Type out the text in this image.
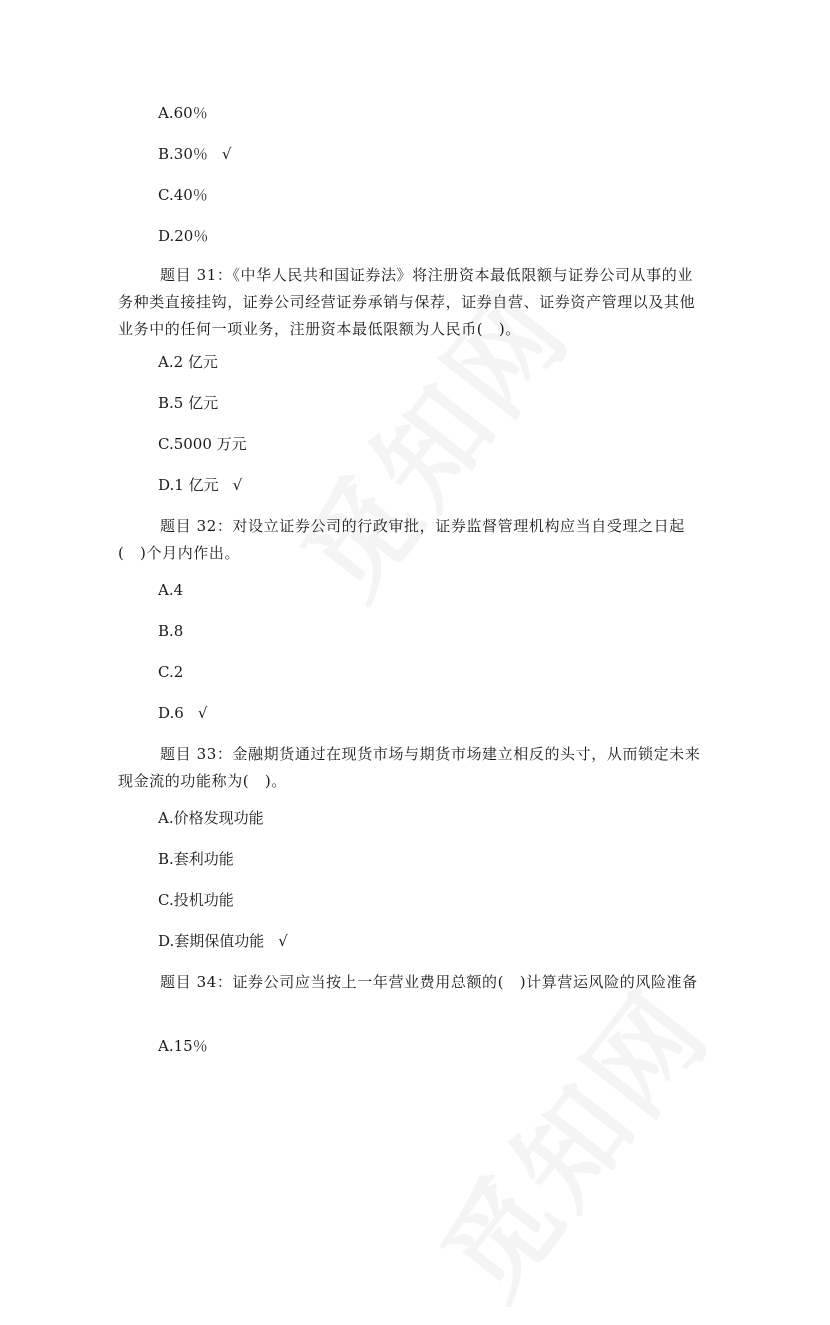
A.60％
B.30％ √
C.40％
D.20％
题目 31：《中华人民共和国证券法》将注册资本最低限额与证券公司从事的业务种类直接挂钩，证券公司经营证券承销与保荐，证券自营、证券资产管理以及其他业务中的任何一项业务，注册资本最低限额为人民币(　)。
A.2 亿元
B.5 亿元
C.5000 万元
D.1 亿元 √
题目 32：对设立证券公司的行政审批，证券监督管理机构应当自受理之日起(　)个月内作出。
A.4
B.8
C.2
D.6 √
题目 33：金融期货通过在现货市场与期货市场建立相反的头寸，从而锁定未来现金流的功能称为(　)。
A.价格发现功能
B.套利功能
C.投机功能
D.套期保值功能 √
题目 34：证券公司应当按上一年营业费用总额的(　)计算营运风险的风险准备
A.15％
